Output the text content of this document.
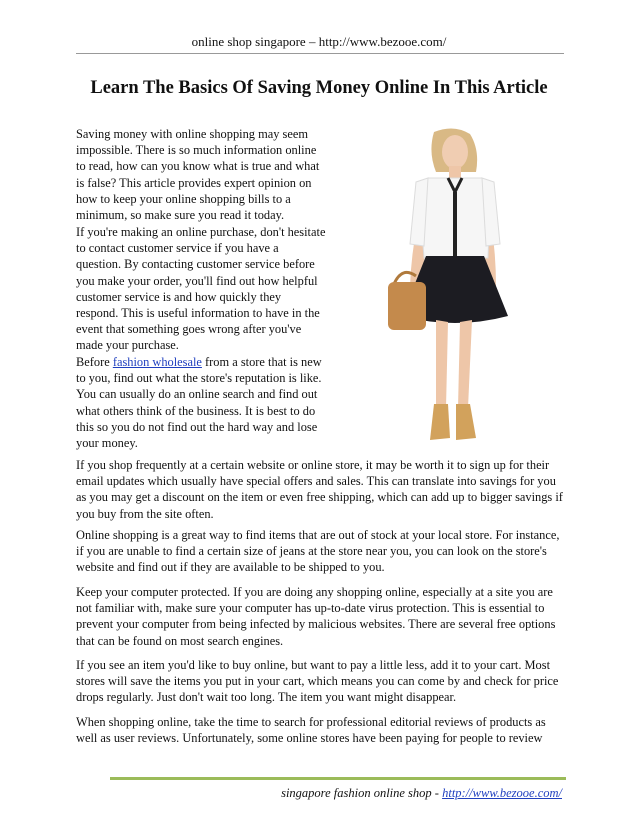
online shop singapore – http://www.bezooe.com/
Learn The Basics Of Saving Money Online In This Article

Saving money with online shopping may seem impossible. There is so much information online to read, how can you know what is true and what is false? This article provides expert opinion on how to keep your online shopping bills to a minimum, so make sure you read it today.

If you're making an online purchase, don't hesitate to contact customer service if you have a question. By contacting customer service before you make your order, you'll find out how helpful customer service is and how quickly they respond. This is useful information to have in the event that something goes wrong after you've made your purchase.

Before fashion wholesale from a store that is new to you, find out what the store's reputation is like. You can usually do an online search and find out what others think of the business. It is best to do this so you do not find out the hard way and lose your money.

If you shop frequently at a certain website or online store, it may be worth it to sign up for their email updates which usually have special offers and sales. This can translate into savings for you as you may get a discount on the item or even free shipping, which can add up to bigger savings if you buy from the site often.

Online shopping is a great way to find items that are out of stock at your local store. For instance, if you are unable to find a certain size of jeans at the store near you, you can look on the store's website and find out if they are available to be shipped to you.

Keep your computer protected. If you are doing any shopping online, especially at a site you are not familiar with, make sure your computer has up-to-date virus protection. This is essential to prevent your computer from being infected by malicious websites. There are several free options that can be found on most search engines.

If you see an item you'd like to buy online, but want to pay a little less, add it to your cart. Most stores will save the items you put in your cart, which means you can come by and check for price drops regularly. Just don't wait too long. The item you want might disappear.

When shopping online, take the time to search for professional editorial reviews of products as well as user reviews. Unfortunately, some online stores have been paying for people to review

singapore fashion online shop - http://www.bezooe.com/
